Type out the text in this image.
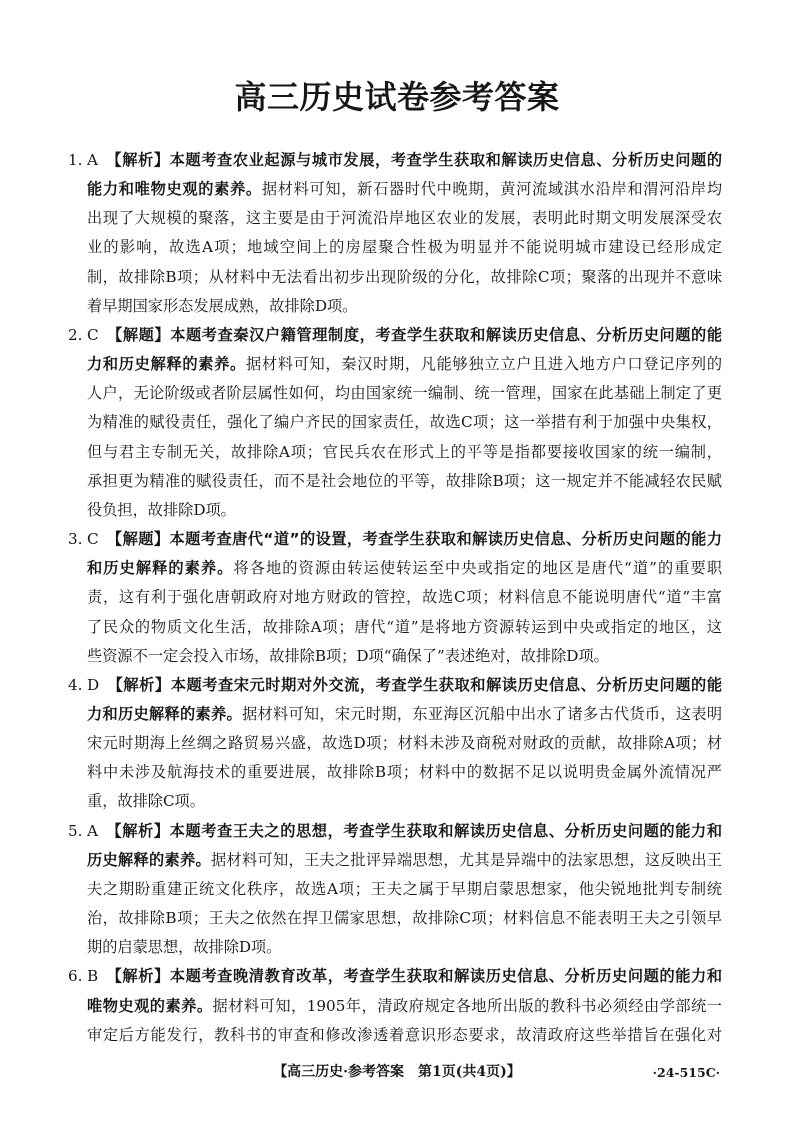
高三历史试卷参考答案
1. A 【解析】本题考查农业起源与城市发展，考查学生获取和解读历史信息、分析历史问题的
能力和唯物史观的素养。据材料可知，新石器时代中晚期，黄河流域淇水沿岸和渭河沿岸均
出现了大规模的聚落，这主要是由于河流沿岸地区农业的发展，表明此时期文明发展深受农
业的影响，故选A项；地域空间上的房屋聚合性极为明显并不能说明城市建设已经形成定
制，故排除B项；从材料中无法看出初步出现阶级的分化，故排除C项；聚落的出现并不意味
着早期国家形态发展成熟，故排除D项。
2. C 【解题】本题考查秦汉户籍管理制度，考查学生获取和解读历史信息、分析历史问题的能
力和历史解释的素养。据材料可知，秦汉时期，凡能够独立立户且进入地方户口登记序列的
人户，无论阶级或者阶层属性如何，均由国家统一编制、统一管理，国家在此基础上制定了更
为精准的赋役责任，强化了编户齐民的国家责任，故选C项；这一举措有利于加强中央集权，
但与君主专制无关，故排除A项；官民兵农在形式上的平等是指都要接收国家的统一编制，
承担更为精准的赋役责任，而不是社会地位的平等，故排除B项；这一规定并不能减轻农民赋
役负担，故排除D项。
3. C 【解题】本题考查唐代“道”的设置，考查学生获取和解读历史信息、分析历史问题的能力
和历史解释的素养。将各地的资源由转运使转运至中央或指定的地区是唐代“道”的重要职
责，这有利于强化唐朝政府对地方财政的管控，故选C项；材料信息不能说明唐代“道”丰富
了民众的物质文化生活，故排除A项；唐代“道”是将地方资源转运到中央或指定的地区，这
些资源不一定会投入市场，故排除B项；D项“确保了”表述绝对，故排除D项。
4. D 【解析】本题考查宋元时期对外交流，考查学生获取和解读历史信息、分析历史问题的能
力和历史解释的素养。据材料可知，宋元时期，东亚海区沉船中出水了诸多古代货币，这表明
宋元时期海上丝绸之路贸易兴盛，故选D项；材料未涉及商税对财政的贡献，故排除A项；材
料中未涉及航海技术的重要进展，故排除B项；材料中的数据不足以说明贵金属外流情况严
重，故排除C项。
5. A 【解析】本题考查王夫之的思想，考查学生获取和解读历史信息、分析历史问题的能力和
历史解释的素养。据材料可知，王夫之批评异端思想，尤其是异端中的法家思想，这反映出王
夫之期盼重建正统文化秩序，故选A项；王夫之属于早期启蒙思想家，他尖锐地批判专制统
治，故排除B项；王夫之依然在捍卫儒家思想，故排除C项；材料信息不能表明王夫之引领早
期的启蒙思想，故排除D项。
6. B 【解析】本题考查晚清教育改革，考查学生获取和解读历史信息、分析历史问题的能力和
唯物史观的素养。据材料可知，1905年，清政府规定各地所出版的教科书必须经由学部统一
审定后方能发行，教科书的审查和修改渗透着意识形态要求，故清政府这些举措旨在强化对
【高三历史·参考答案　第1页(共4页)】	·24-515C·
